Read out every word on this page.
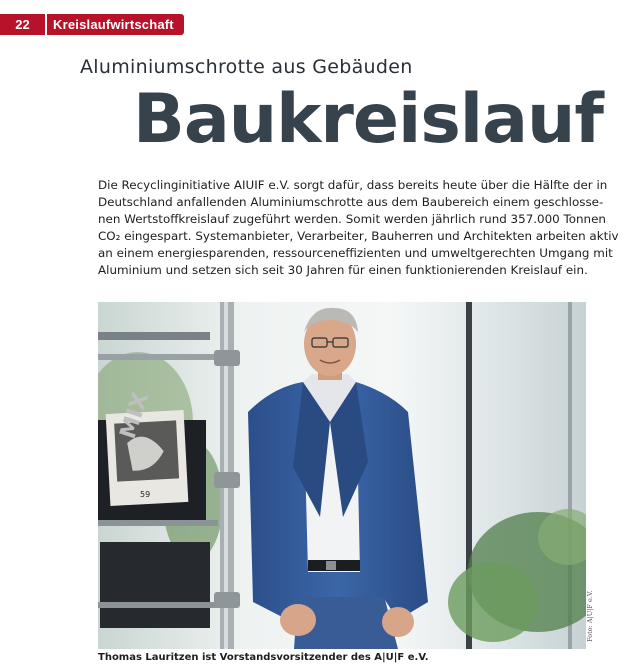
22	Kreislaufwirtschaft
Aluminiumschrotte aus Gebäuden
Baukreislauf
Die Recyclinginitiative AIUIF e.V. sorgt dafür, dass bereits heute über die Hälfte der in
Deutschland anfallenden Aluminiumschrotte aus dem Baubereich einem geschlosse-
nen Wertstoffkreislauf zugeführt werden. Somit werden jährlich rund 357.000 Tonnen
CO₂ eingespart. Systemanbieter, Verarbeiter, Bauherren und Architekten arbeiten aktiv
an einem energiesparenden, ressourceneffizienten und umweltgerechten Umgang mit
Aluminium und setzen sich seit 30 Jahren für einen funktionierenden Kreislauf ein.
MIX
59
Foto: A|U|F e.V.
Thomas Lauritzen ist Vorstandsvorsitzender des A|U|F e.V.
